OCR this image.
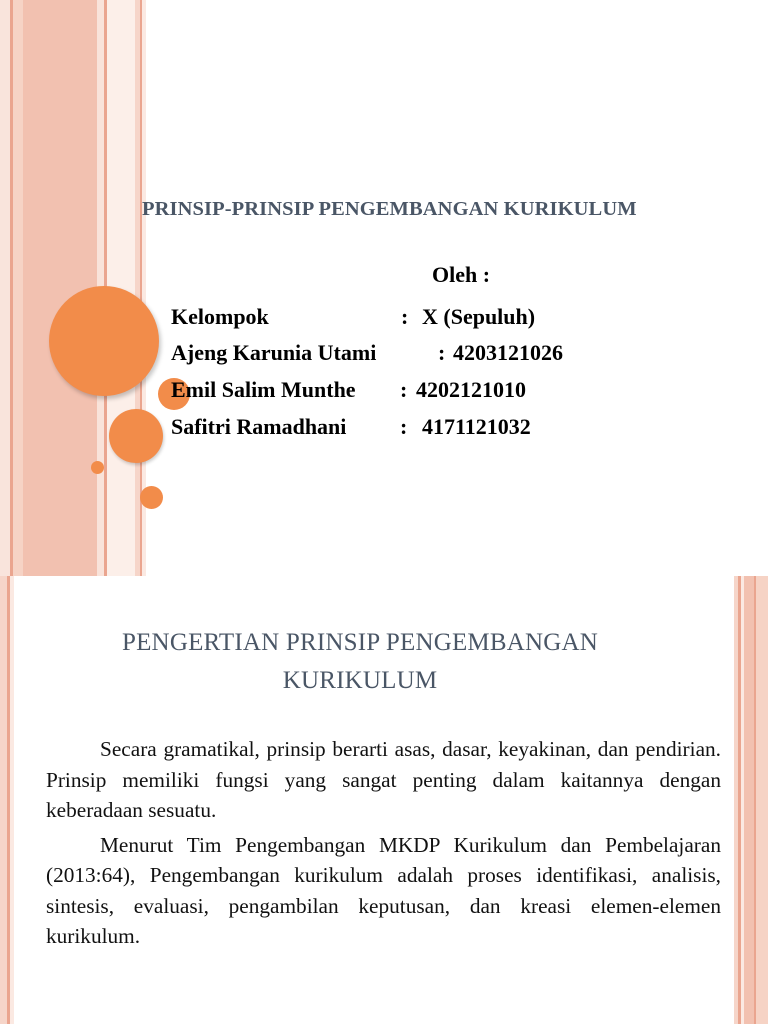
PRINSIP-PRINSIP PENGEMBANGAN KURIKULUM
Oleh :
Kelompok	: X (Sepuluh)
Ajeng Karunia Utami	: 4203121026
Emil Salim Munthe : 4202121010
Safitri Ramadhani : 4171121032
PENGERTIAN PRINSIP PENGEMBANGAN
KURIKULUM

Secara gramatikal, prinsip berarti asas, dasar, keyakinan, dan pendirian. Prinsip memiliki fungsi yang sangat penting dalam kaitannya dengan keberadaan sesuatu.

Menurut Tim Pengembangan MKDP Kurikulum dan Pembelajaran (2013:64), Pengembangan kurikulum adalah proses identifikasi, analisis, sintesis, evaluasi, pengambilan keputusan, dan kreasi elemen-elemen kurikulum.
